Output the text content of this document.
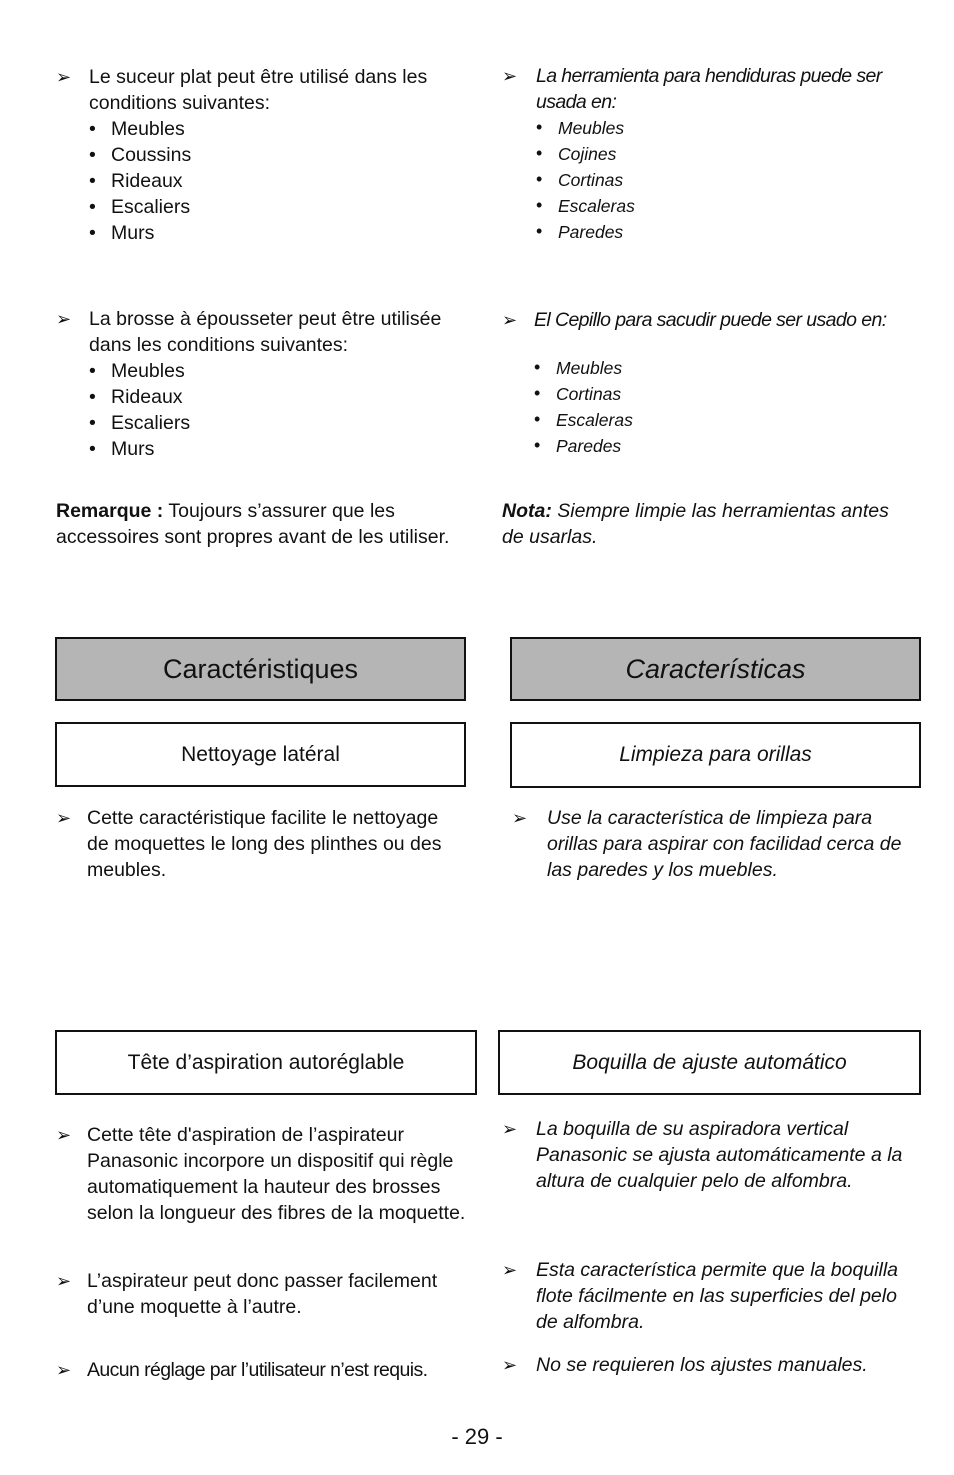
➢ Le suceur plat peut être utilisé dans les conditions suivantes:
• Meubles
• Coussins
• Rideaux
• Escaliers
• Murs
➢ La brosse à épousseter peut être utilisée dans les conditions suivantes:
• Meubles
• Rideaux
• Escaliers
• Murs
Remarque : Toujours s’assurer que les accessoires sont propres avant de les utiliser.
Caractéristiques
Nettoyage latéral
➢ Cette caractéristique facilite le nettoyage de moquettes le long des plinthes ou des meubles.
Tête d’aspiration autoréglable
➢ Cette tête d'aspiration de l’aspirateur Panasonic incorpore un dispositif qui règle automatiquement la hauteur des brosses selon la longueur des fibres de la moquette.
➢ L’aspirateur peut donc passer facilement d’une moquette à l’autre.
➢ Aucun réglage par l’utilisateur n’est requis.
➢ La herramienta para hendiduras puede ser usada en:
• Meubles
• Cojines
• Cortinas
• Escaleras
• Paredes
➢ El Cepillo para sacudir puede ser usado en:
• Meubles
• Cortinas
• Escaleras
• Paredes
Nota: Siempre limpie las herramientas antes de usarlas.
Características
Limpieza para orillas
➢ Use la característica de limpieza para orillas para aspirar con facilidad cerca de las paredes y los muebles.
Boquilla de ajuste automático
➢ La boquilla de su aspiradora vertical Panasonic se ajusta automáticamente a la altura de cualquier pelo de alfombra.
➢ Esta característica permite que la boquilla flote fácilmente en las superficies del pelo de alfombra.
➢ No se requieren los ajustes manuales.
- 29 -
